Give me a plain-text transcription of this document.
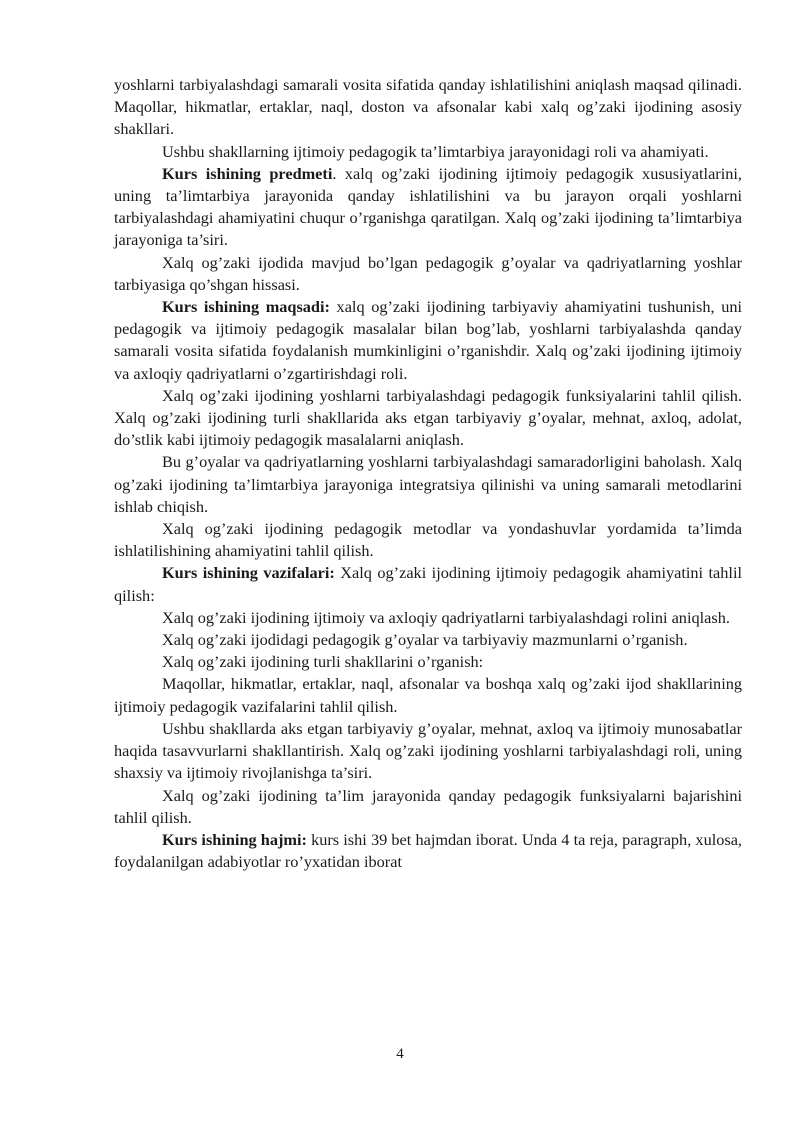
yoshlarni tarbiyalashdagi samarali vosita sifatida qanday ishlatilishini aniqlash maqsad qilinadi. Maqollar, hikmatlar, ertaklar, naql, doston va afsonalar kabi xalq og’zaki ijodining asosiy shakllari.

Ushbu shakllarning ijtimoiy pedagogik ta’limtarbiya jarayonidagi roli va ahamiyati.

Kurs ishining predmeti. xalq og’zaki ijodining ijtimoiy pedagogik xususiyatlarini, uning ta’limtarbiya jarayonida qanday ishlatilishini va bu jarayon orqali yoshlarni tarbiyalashdagi ahamiyatini chuqur o’rganishga qaratilgan. Xalq og’zaki ijodining ta’limtarbiya jarayoniga ta’siri.

Xalq og’zaki ijodida mavjud bo’lgan pedagogik g’oyalar va qadriyatlarning yoshlar tarbiyasiga qo’shgan hissasi.

Kurs ishining maqsadi: xalq og’zaki ijodining tarbiyaviy ahamiyatini tushunish, uni pedagogik va ijtimoiy pedagogik masalalar bilan bog’lab, yoshlarni tarbiyalashda qanday samarali vosita sifatida foydalanish mumkinligini o’rganishdir. Xalq og’zaki ijodining ijtimoiy va axloqiy qadriyatlarni o’zgartirishdagi roli.

Xalq og’zaki ijodining yoshlarni tarbiyalashdagi pedagogik funksiyalarini tahlil qilish. Xalq og’zaki ijodining turli shakllarida aks etgan tarbiyaviy g’oyalar, mehnat, axloq, adolat, do’stlik kabi ijtimoiy pedagogik masalalarni aniqlash.

Bu g’oyalar va qadriyatlarning yoshlarni tarbiyalashdagi samaradorligini baholash. Xalq og’zaki ijodining ta’limtarbiya jarayoniga integratsiya qilinishi va uning samarali metodlarini ishlab chiqish.

Xalq og’zaki ijodining pedagogik metodlar va yondashuvlar yordamida ta’limda ishlatilishining ahamiyatini tahlil qilish.

Kurs ishining vazifalari: Xalq og’zaki ijodining ijtimoiy pedagogik ahamiyatini tahlil qilish:

Xalq og’zaki ijodining ijtimoiy va axloqiy qadriyatlarni tarbiyalashdagi rolini aniqlash.

Xalq og’zaki ijodidagi pedagogik g’oyalar va tarbiyaviy mazmunlarni o’rganish.

Xalq og’zaki ijodining turli shakllarini o’rganish:

Maqollar, hikmatlar, ertaklar, naql, afsonalar va boshqa xalq og’zaki ijod shakllarining ijtimoiy pedagogik vazifalarini tahlil qilish.

Ushbu shakllarda aks etgan tarbiyaviy g’oyalar, mehnat, axloq va ijtimoiy munosabatlar haqida tasavvurlarni shakllantirish. Xalq og’zaki ijodining yoshlarni tarbiyalashdagi roli, uning shaxsiy va ijtimoiy rivojlanishga ta’siri.

Xalq og’zaki ijodining ta’lim jarayonida qanday pedagogik funksiyalarni bajarishini tahlil qilish.

Kurs ishining hajmi: kurs ishi 39 bet hajmdan iborat. Unda 4 ta reja, paragraph, xulosa, foydalanilgan adabiyotlar ro’yxatidan iborat

4
